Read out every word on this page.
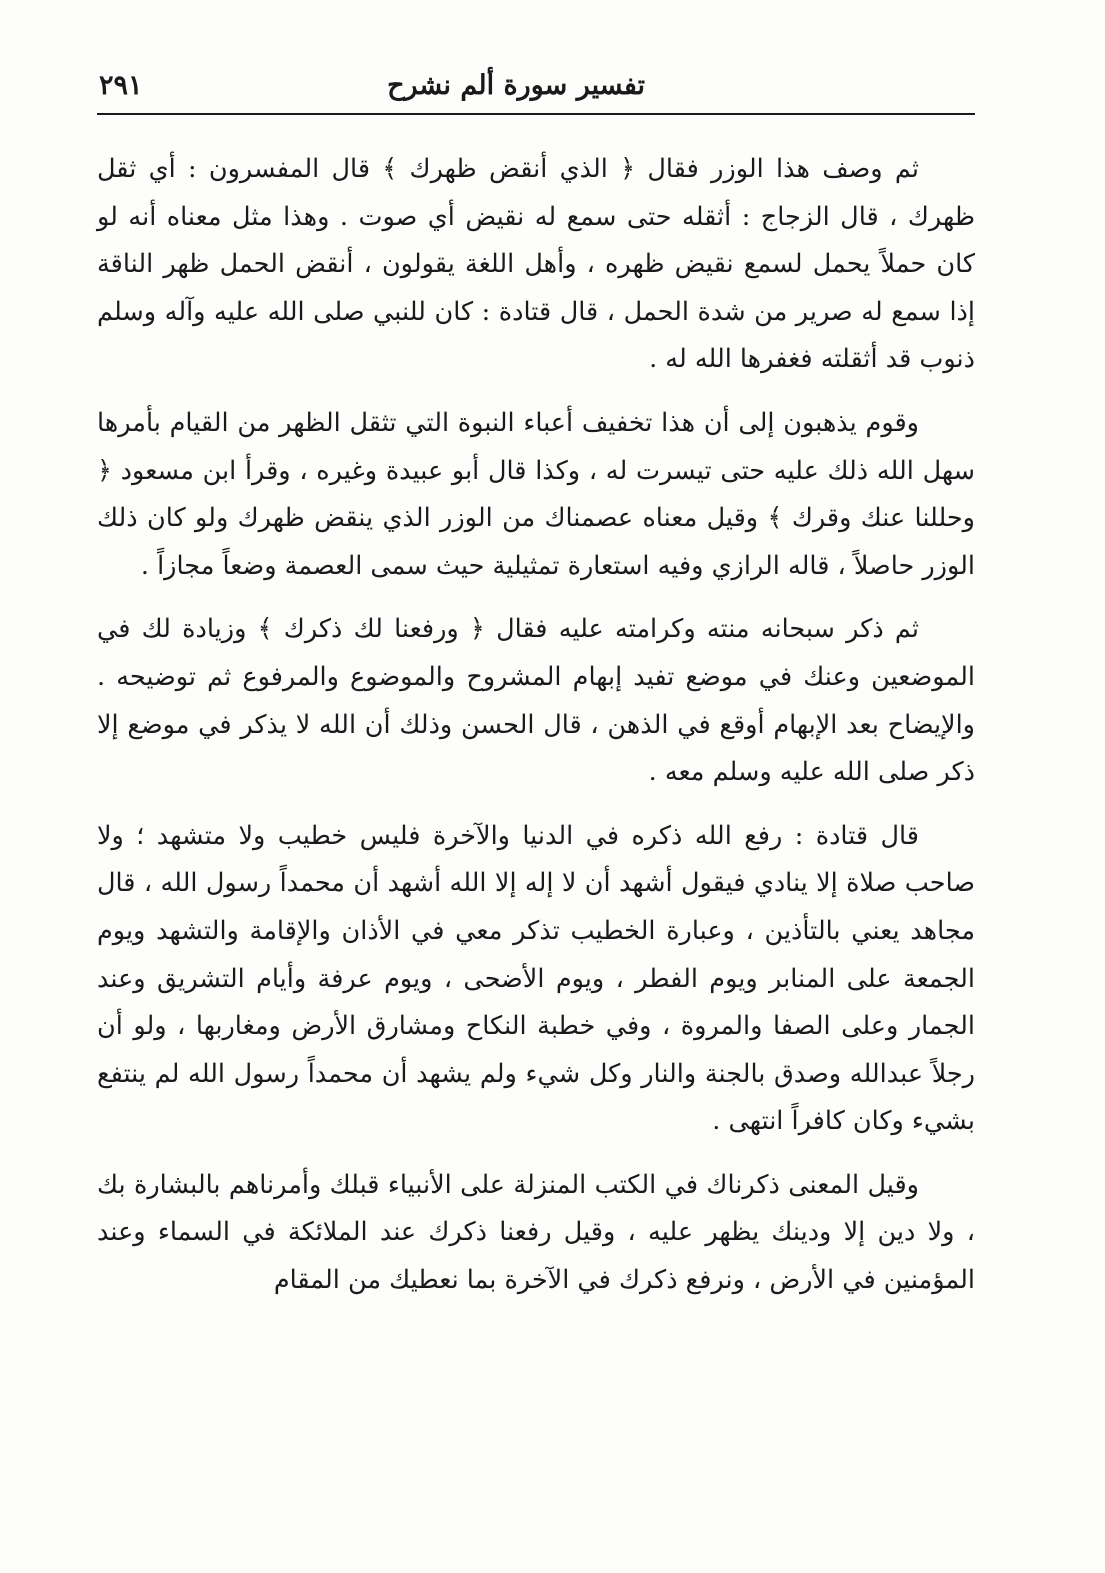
تفسير سورة ألم نشرح
٢٩١

ثم وصف هذا الوزر فقال ﴿ الذي أنقض ظهرك ﴾ قال المفسرون : أي ثقل ظهرك ، قال الزجاج : أثقله حتى سمع له نقيض أي صوت . وهذا مثل معناه أنه لو كان حملاً يحمل لسمع نقيض ظهره ، وأهل اللغة يقولون ، أنقض الحمل ظهر الناقة إذا سمع له صرير من شدة الحمل ، قال قتادة : كان للنبي صلى الله عليه وآله وسلم ذنوب قد أثقلته فغفرها الله له .

وقوم يذهبون إلى أن هذا تخفيف أعباء النبوة التي تثقل الظهر من القيام بأمرها سهل الله ذلك عليه حتى تيسرت له ، وكذا قال أبو عبيدة وغيره ، وقرأ ابن مسعود ﴿ وحللنا عنك وقرك ﴾ وقيل معناه عصمناك من الوزر الذي ينقض ظهرك ولو كان ذلك الوزر حاصلاً ، قاله الرازي وفيه استعارة تمثيلية حيث سمى العصمة وضعاً مجازاً .

ثم ذكر سبحانه منته وكرامته عليه فقال ﴿ ورفعنا لك ذكرك ﴾ وزيادة لك في الموضعين وعنك في موضع تفيد إبهام المشروح والموضوع والمرفوع ثم توضيحه . والإيضاح بعد الإبهام أوقع في الذهن ، قال الحسن وذلك أن الله لا يذكر في موضع إلا ذكر صلى الله عليه وسلم معه .

قال قتادة : رفع الله ذكره في الدنيا والآخرة فليس خطيب ولا متشهد ؛ ولا صاحب صلاة إلا ينادي فيقول أشهد أن لا إله إلا الله أشهد أن محمداً رسول الله ، قال مجاهد يعني بالتأذين ، وعبارة الخطيب تذكر معي في الأذان والإقامة والتشهد ويوم الجمعة على المنابر ويوم الفطر ، ويوم الأضحى ، ويوم عرفة وأيام التشريق وعند الجمار وعلى الصفا والمروة ، وفي خطبة النكاح ومشارق الأرض ومغاربها ، ولو أن رجلاً عبدالله وصدق بالجنة والنار وكل شيء ولم يشهد أن محمداً رسول الله لم ينتفع بشيء وكان كافراً انتهى .

وقيل المعنى ذكرناك في الكتب المنزلة على الأنبياء قبلك وأمرناهم بالبشارة بك ، ولا دين إلا ودينك يظهر عليه ، وقيل رفعنا ذكرك عند الملائكة في السماء وعند المؤمنين في الأرض ، ونرفع ذكرك في الآخرة بما نعطيك من المقام
